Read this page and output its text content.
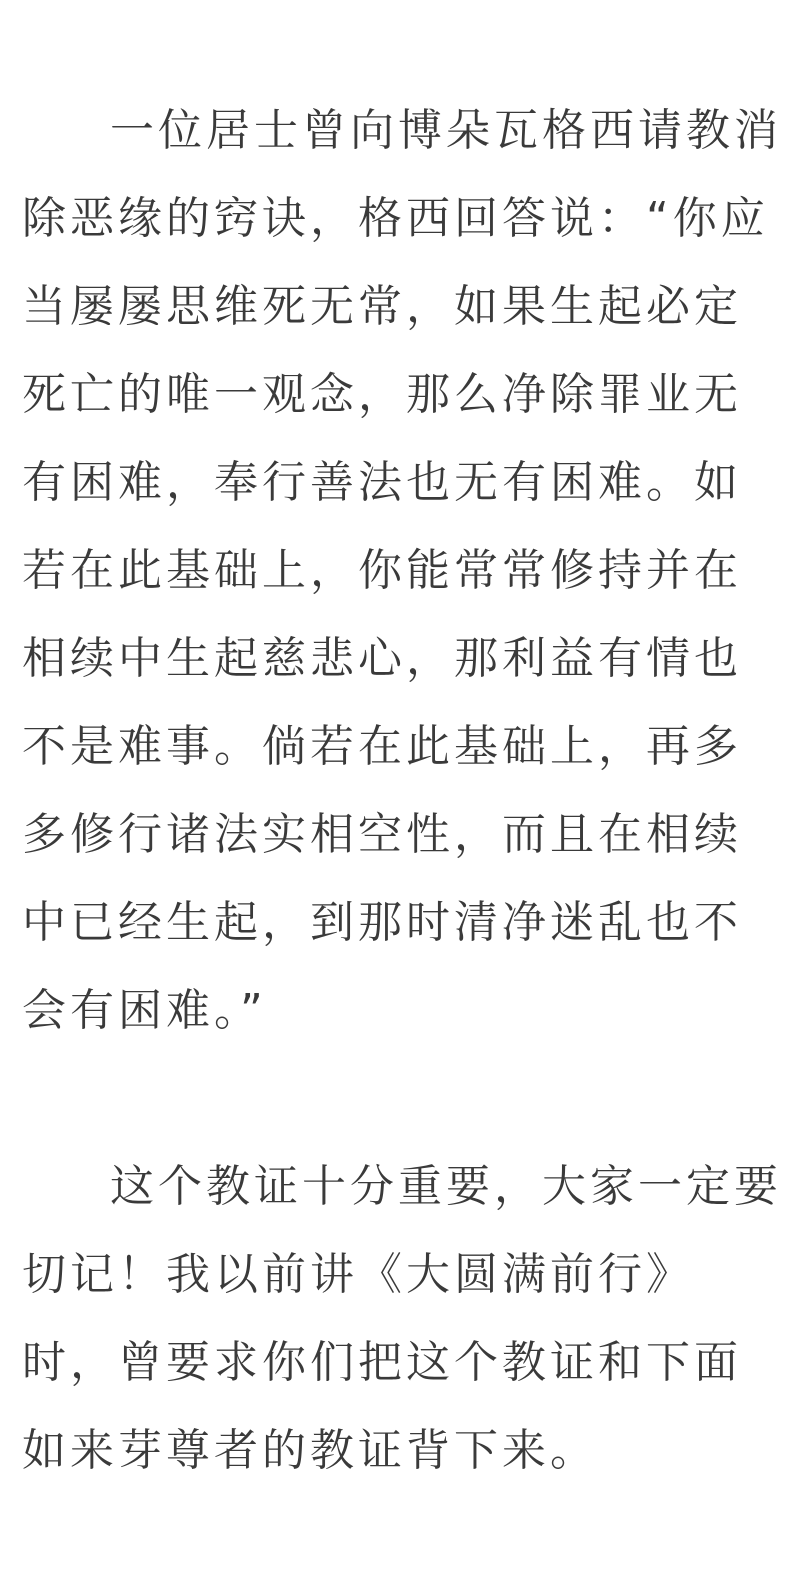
一位居士曾向博朵瓦格西请教消
除恶缘的窍诀，格西回答说：“你应
当屡屡思维死无常，如果生起必定
死亡的唯一观念，那么净除罪业无
有困难，奉行善法也无有困难。如
若在此基础上，你能常常修持并在
相续中生起慈悲心，那利益有情也
不是难事。倘若在此基础上，再多
多修行诸法实相空性，而且在相续
中已经生起，到那时清净迷乱也不
会有困难。”
这个教证十分重要，大家一定要
切记！我以前讲《大圆满前行》
时，曾要求你们把这个教证和下面
如来芽尊者的教证背下来。
